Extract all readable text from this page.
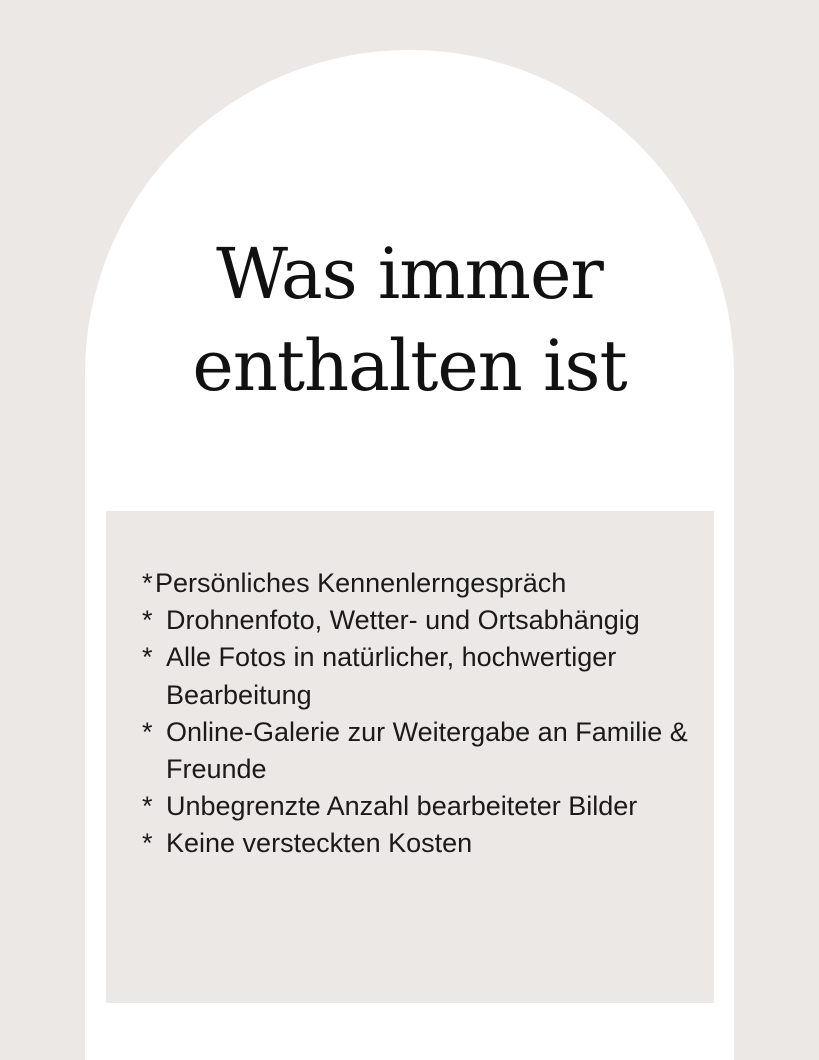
Was immer
enthalten ist
* Persönliches Kennenlerngespräch
* Drohnenfoto, Wetter- und Ortsabhängig
* Alle Fotos in natürlicher, hochwertiger Bearbeitung
* Online-Galerie zur Weitergabe an Familie & Freunde
* Unbegrenzte Anzahl bearbeiteter Bilder
* Keine versteckten Kosten
